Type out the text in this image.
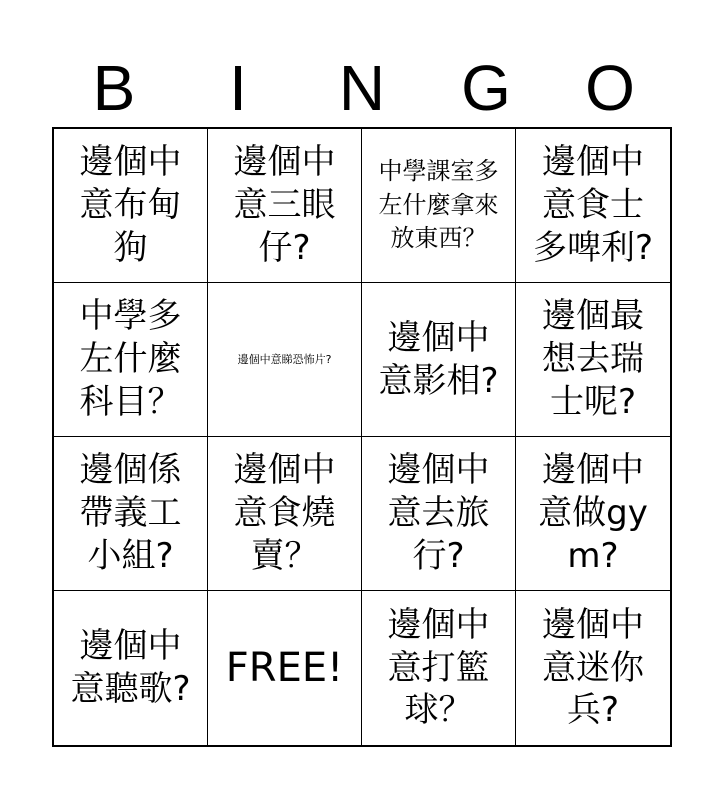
B	I	N	G	O
邊個中意布甸狗
邊個中意三眼仔?
中學課室多左什麼拿來放東西？
邊個中意食士多啤利?
中學多左什麼科目？
邊個中意睇恐怖片?
邊個中意影相?
邊個最想去瑞士呢?
邊個係帶義工小組?
邊個中意食燒賣？
邊個中意去旅行?
邊個中意做gym?
邊個中意聽歌? FREE!
邊個中意打籃球？
邊個中意迷你兵?
